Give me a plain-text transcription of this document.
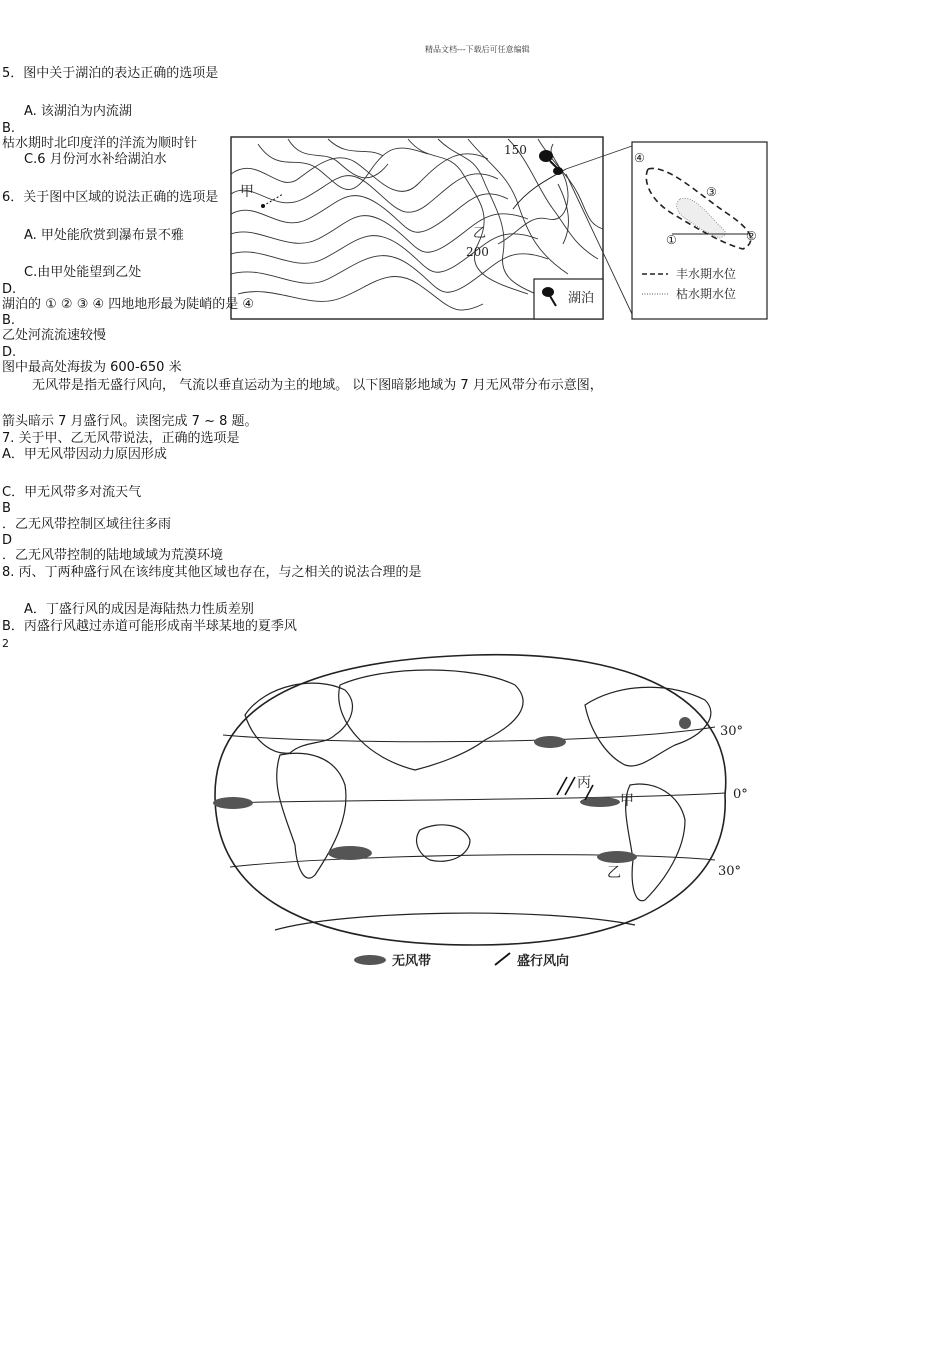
精品文档---下载后可任意编辑
5．图中关于湖泊的表达正确的选项是
A. 该湖泊为内流湖
B.
枯水期时北印度洋的洋流为顺时针
C.6 月份河水补给湖泊水
6．关于图中区域的说法正确的选项是
A. 甲处能欣赏到瀑布景不雅
C.由甲处能望到乙处
D.
湖泊的 ① ② ③ ④ 四地地形最为陡峭的是 ④
B.
乙处河流流速较慢
D.
图中最高处海拔为 600-650 米
无风带是指无盛行风向， 气流以垂直运动为主的地域。 以下图暗影地域为 7 月无风带分布示意图，
箭头暗示 7 月盛行风。读图完成 7 ~ 8 题。
7. 关于甲、乙无风带说法，正确的选项是
A．甲无风带因动力原因形成
C．甲无风带多对流天气
B
．乙无风带控制区域往往多雨
D
．乙无风带控制的陆地域域为荒漠环境
8. 丙、丁两种盛行风在该纬度其他区域也存在，与之相关的说法合理的是
A．丁盛行风的成因是海陆热力性质差别
B．丙盛行风越过赤道可能形成南半球某地的夏季风
2
甲
乙
150
200
湖泊
④
③
①	②
丰水期水位
枯水期水位
丙
甲
乙
30°
0°
30°
无风带	盛行风向
